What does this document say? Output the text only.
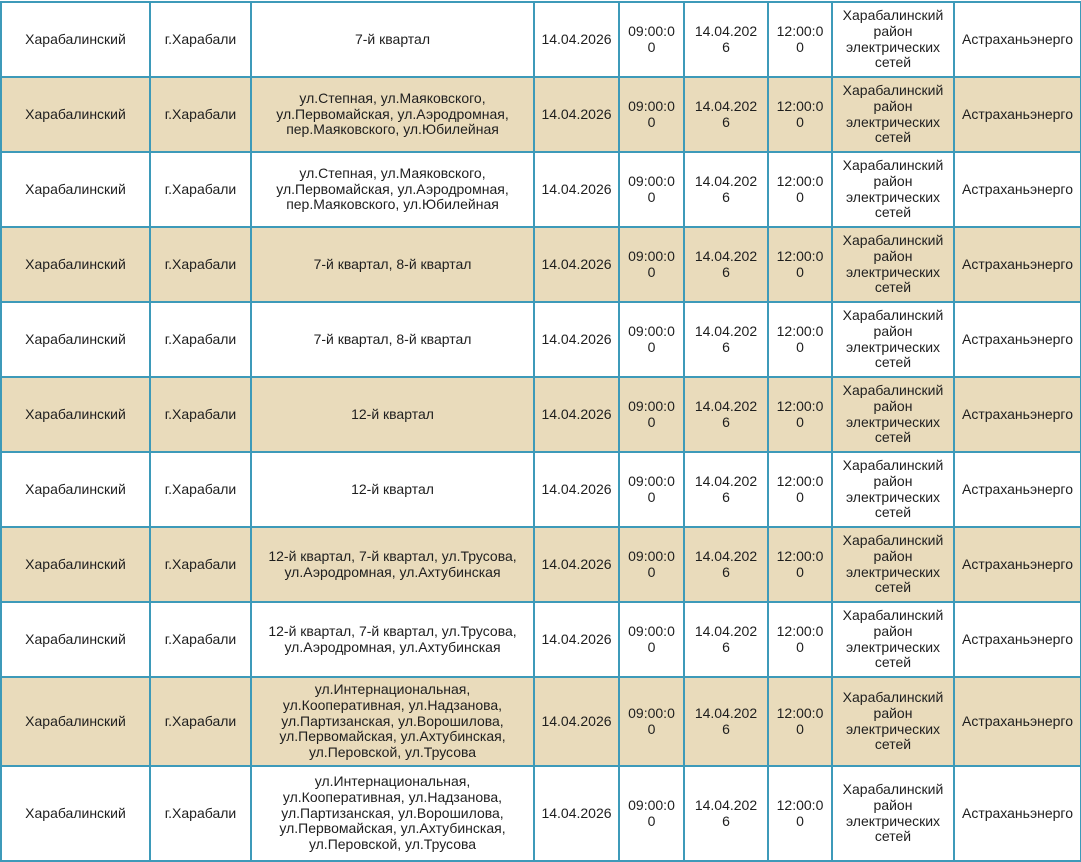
Харабалинский	г.Харабали	7-й квартал	14.04.2026	09:00:00	14.04.2026	12:00:00	Харабалинский район электрических сетей	Астраханьэнерго
Харабалинский	г.Харабали	ул.Степная, ул.Маяковского, ул.Первомайская, ул.Аэродромная, пер.Маяковского, ул.Юбилейная	14.04.2026	09:00:00	14.04.2026	12:00:00	Харабалинский район электрических сетей	Астраханьэнерго
Харабалинский	г.Харабали	ул.Степная, ул.Маяковского, ул.Первомайская, ул.Аэродромная, пер.Маяковского, ул.Юбилейная	14.04.2026	09:00:00	14.04.2026	12:00:00	Харабалинский район электрических сетей	Астраханьэнерго
Харабалинский	г.Харабали	7-й квартал, 8-й квартал	14.04.2026	09:00:00	14.04.2026	12:00:00	Харабалинский район электрических сетей	Астраханьэнерго
Харабалинский	г.Харабали	7-й квартал, 8-й квартал	14.04.2026	09:00:00	14.04.2026	12:00:00	Харабалинский район электрических сетей	Астраханьэнерго
Харабалинский	г.Харабали	12-й квартал	14.04.2026	09:00:00	14.04.2026	12:00:00	Харабалинский район электрических сетей	Астраханьэнерго
Харабалинский	г.Харабали	12-й квартал	14.04.2026	09:00:00	14.04.2026	12:00:00	Харабалинский район электрических сетей	Астраханьэнерго
Харабалинский	г.Харабали	12-й квартал, 7-й квартал, ул.Трусова, ул.Аэродромная, ул.Ахтубинская	14.04.2026	09:00:00	14.04.2026	12:00:00	Харабалинский район электрических сетей	Астраханьэнерго
Харабалинский	г.Харабали	12-й квартал, 7-й квартал, ул.Трусова, ул.Аэродромная, ул.Ахтубинская	14.04.2026	09:00:00	14.04.2026	12:00:00	Харабалинский район электрических сетей	Астраханьэнерго
Харабалинский	г.Харабали	ул.Интернациональная, ул.Кооперативная, ул.Надзанова, ул.Партизанская, ул.Ворошилова, ул.Первомайская, ул.Ахтубинская, ул.Перовской, ул.Трусова	14.04.2026	09:00:00	14.04.2026	12:00:00	Харабалинский район электрических сетей	Астраханьэнерго
Харабалинский	г.Харабали	ул.Интернациональная, ул.Кооперативная, ул.Надзанова, ул.Партизанская, ул.Ворошилова, ул.Первомайская, ул.Ахтубинская, ул.Перовской, ул.Трусова	14.04.2026	09:00:00	14.04.2026	12:00:00	Харабалинский район электрических сетей	Астраханьэнерго
